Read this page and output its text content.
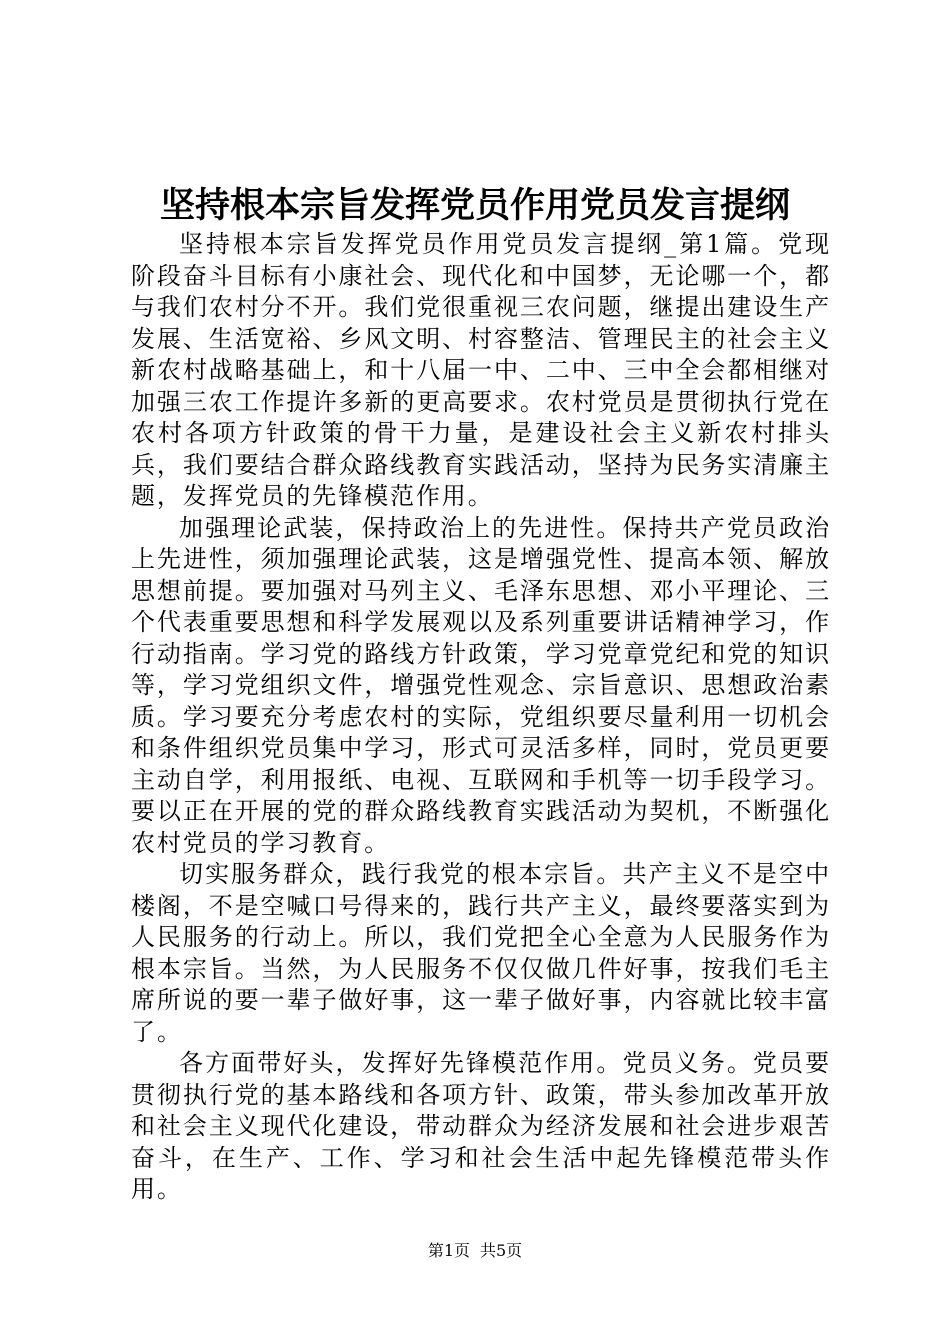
坚持根本宗旨发挥党员作用党员发言提纲

坚持根本宗旨发挥党员作用党员发言提纲_第1篇。党现阶段奋斗目标有小康社会、现代化和中国梦，无论哪一个，都与我们农村分不开。我们党很重视三农问题，继提出建设生产发展、生活宽裕、乡风文明、村容整洁、管理民主的社会主义新农村战略基础上，和十八届一中、二中、三中全会都相继对加强三农工作提许多新的更高要求。农村党员是贯彻执行党在农村各项方针政策的骨干力量，是建设社会主义新农村排头兵，我们要结合群众路线教育实践活动，坚持为民务实清廉主题，发挥党员的先锋模范作用。

加强理论武装，保持政治上的先进性。保持共产党员政治上先进性，须加强理论武装，这是增强党性、提高本领、解放思想前提。要加强对马列主义、毛泽东思想、邓小平理论、三个代表重要思想和科学发展观以及系列重要讲话精神学习，作行动指南。学习党的路线方针政策，学习党章党纪和党的知识等，学习党组织文件，增强党性观念、宗旨意识、思想政治素质。学习要充分考虑农村的实际，党组织要尽量利用一切机会和条件组织党员集中学习，形式可灵活多样，同时，党员更要主动自学，利用报纸、电视、互联网和手机等一切手段学习。要以正在开展的党的群众路线教育实践活动为契机，不断强化农村党员的学习教育。

切实服务群众，践行我党的根本宗旨。共产主义不是空中楼阁，不是空喊口号得来的，践行共产主义，最终要落实到为人民服务的行动上。所以，我们党把全心全意为人民服务作为根本宗旨。当然，为人民服务不仅仅做几件好事，按我们毛主席所说的要一辈子做好事，这一辈子做好事，内容就比较丰富了。

各方面带好头，发挥好先锋模范作用。党员义务。党员要贯彻执行党的基本路线和各项方针、政策，带头参加改革开放和社会主义现代化建设，带动群众为经济发展和社会进步艰苦奋斗，在生产、工作、学习和社会生活中起先锋模范带头作用。

第1页 共5页
